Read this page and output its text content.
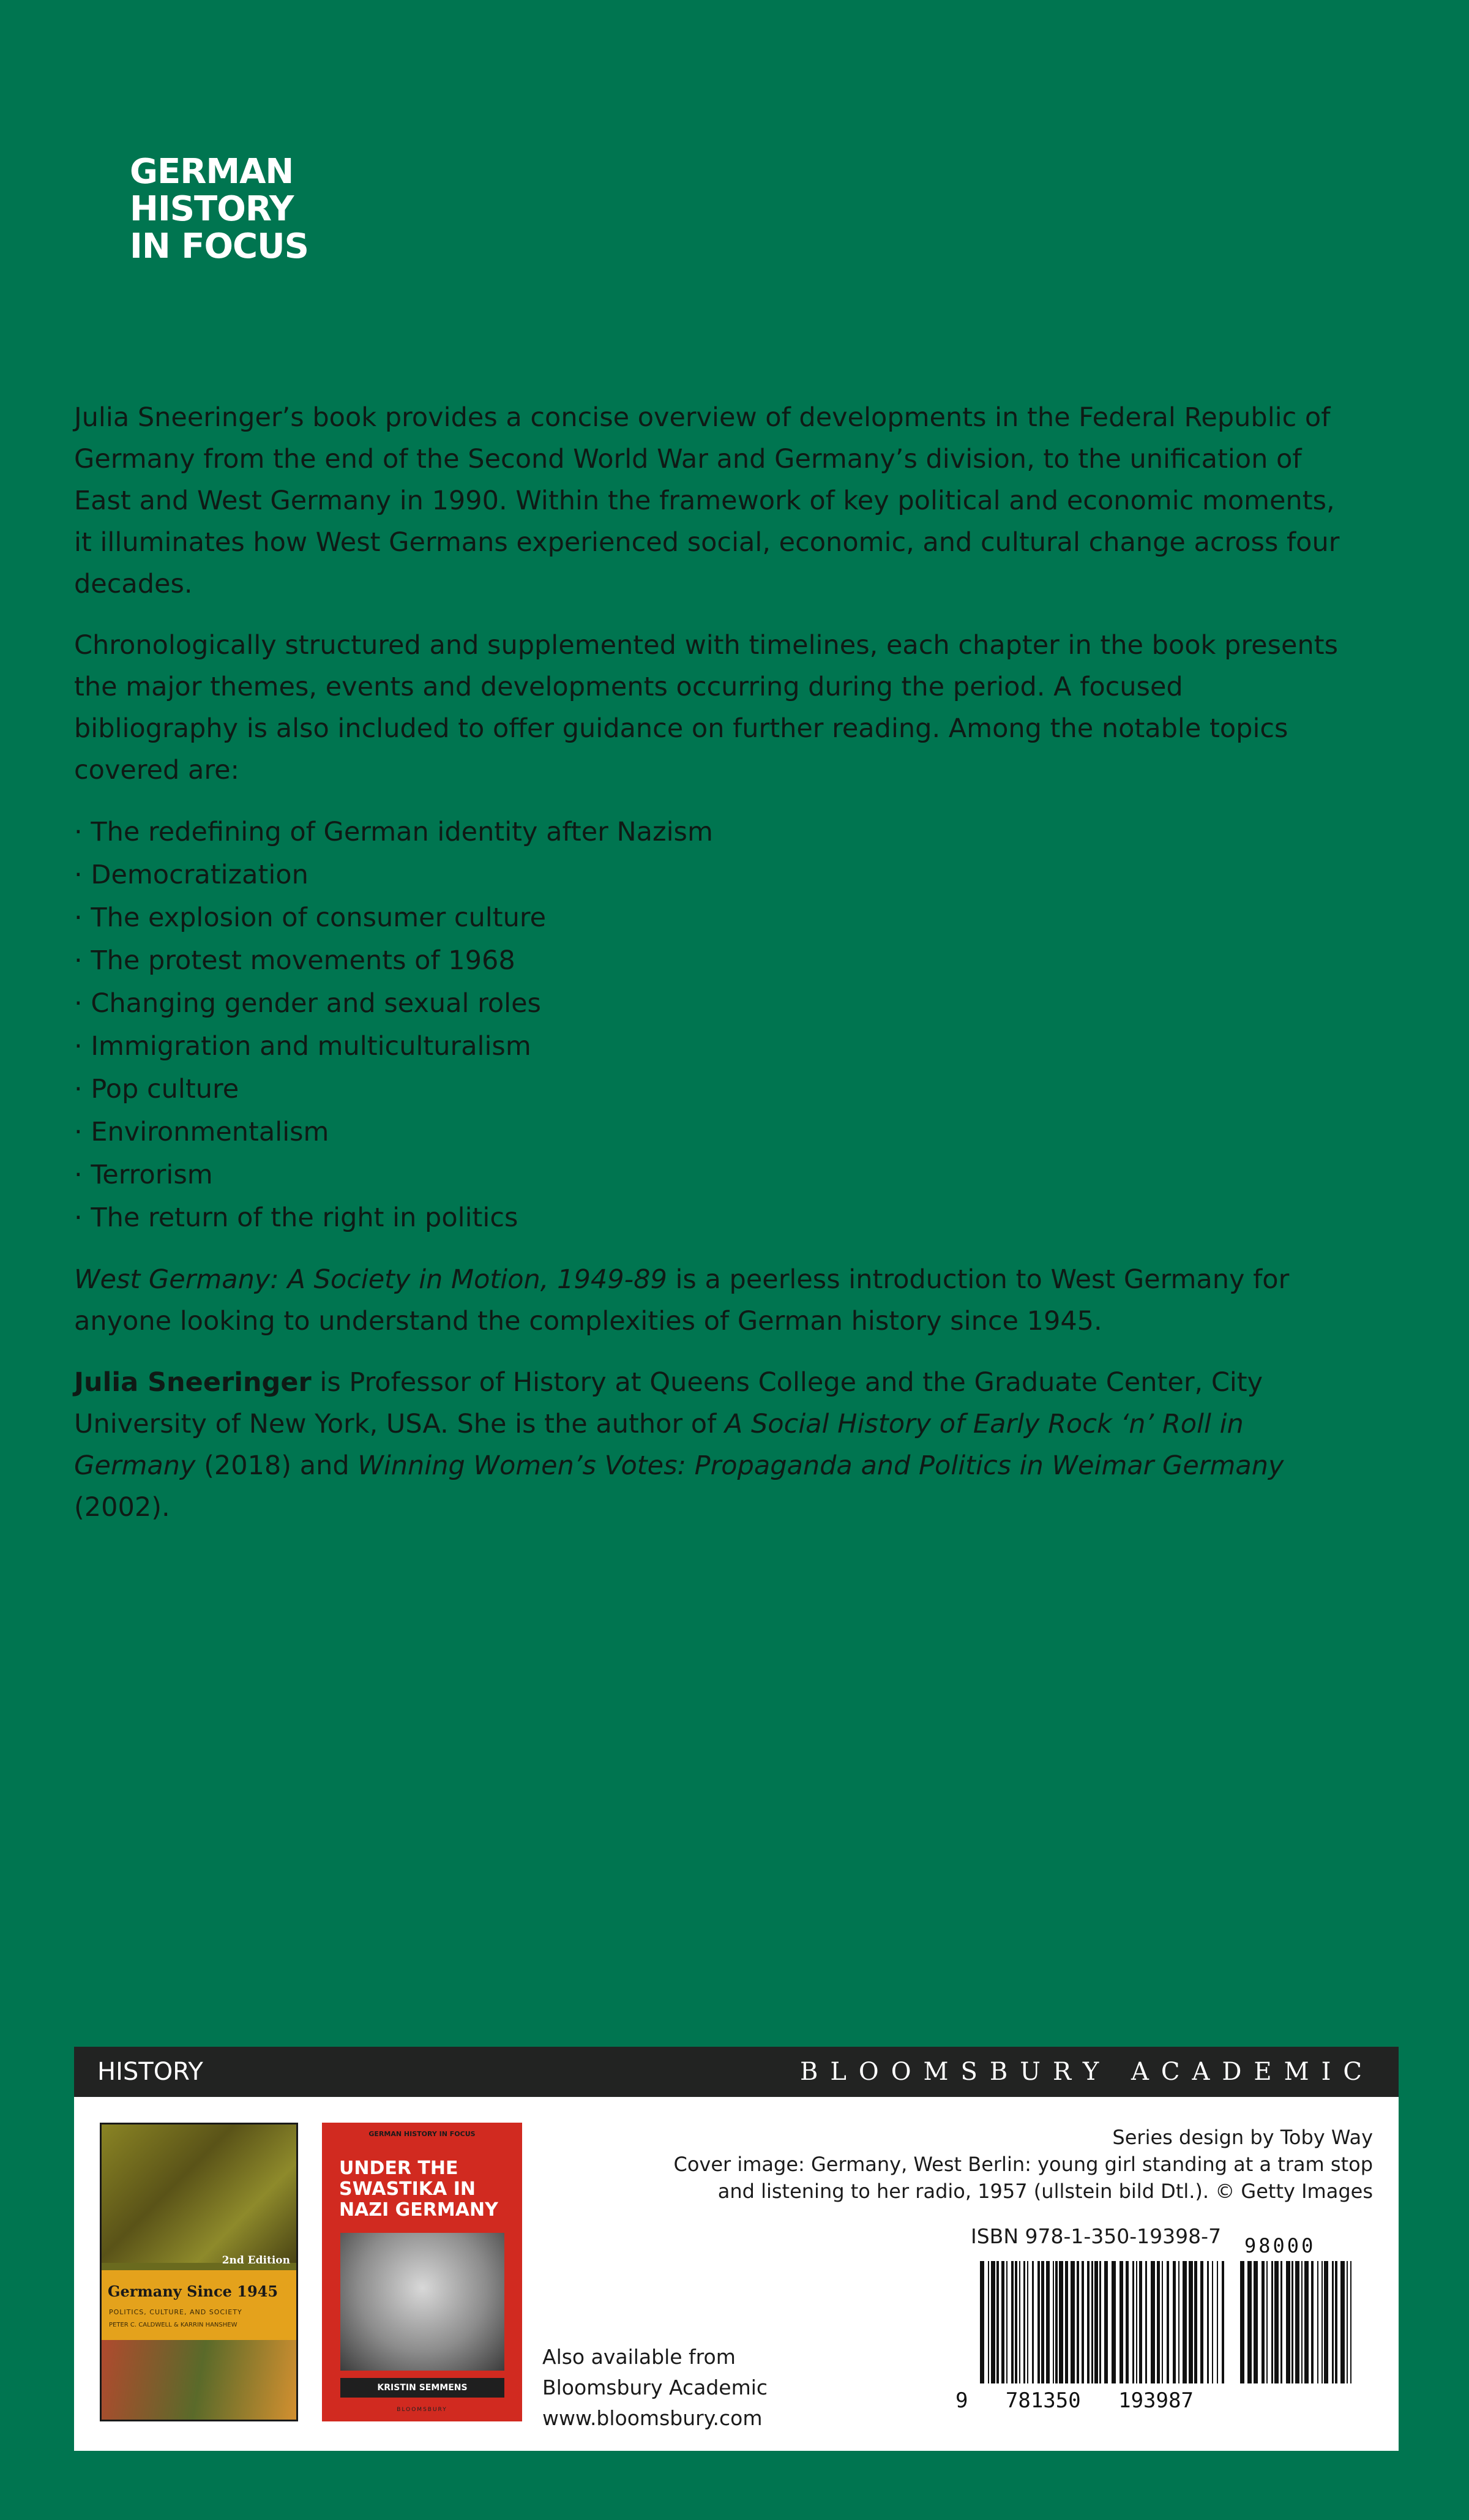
GERMAN
HISTORY
IN FOCUS

Julia Sneeringer’s book provides a concise overview of developments in the Federal Republic of Germany from the end of the Second World War and Germany’s division, to the unification of East and West Germany in 1990. Within the framework of key political and economic moments, it illuminates how West Germans experienced social, economic, and cultural change across four decades.

Chronologically structured and supplemented with timelines, each chapter in the book presents the major themes, events and developments occurring during the period. A focused bibliography is also included to offer guidance on further reading. Among the notable topics covered are:

· The redefining of German identity after Nazism
· Democratization
· The explosion of consumer culture
· The protest movements of 1968
· Changing gender and sexual roles
· Immigration and multiculturalism
· Pop culture
· Environmentalism
· Terrorism
· The return of the right in politics

West Germany: A Society in Motion, 1949-89 is a peerless introduction to West Germany for anyone looking to understand the complexities of German history since 1945.

Julia Sneeringer is Professor of History at Queens College and the Graduate Center, City University of New York, USA. She is the author of A Social History of Early Rock ‘n’ Roll in Germany (2018) and Winning Women’s Votes: Propaganda and Politics in Weimar Germany (2002).

HISTORY	BLOOMSBURY ACADEMIC
2nd Edition
Germany Since 1945
POLITICS, CULTURE, AND SOCIETY
PETER C. CALDWELL & KARRIN HANSHEW
GERMAN HISTORY IN FOCUS
UNDER THE
SWASTIKA IN
NAZI GERMANY
KRISTIN SEMMENS
BLOOMSBURY
Also available from
Bloomsbury Academic
www.bloomsbury.com
Series design by Toby Way
Cover image: Germany, West Berlin: young girl standing at a tram stop
and listening to her radio, 1957 (ullstein bild Dtl.). © Getty Images
ISBN 978-1-350-19398-7
9   781350   193987
98000
